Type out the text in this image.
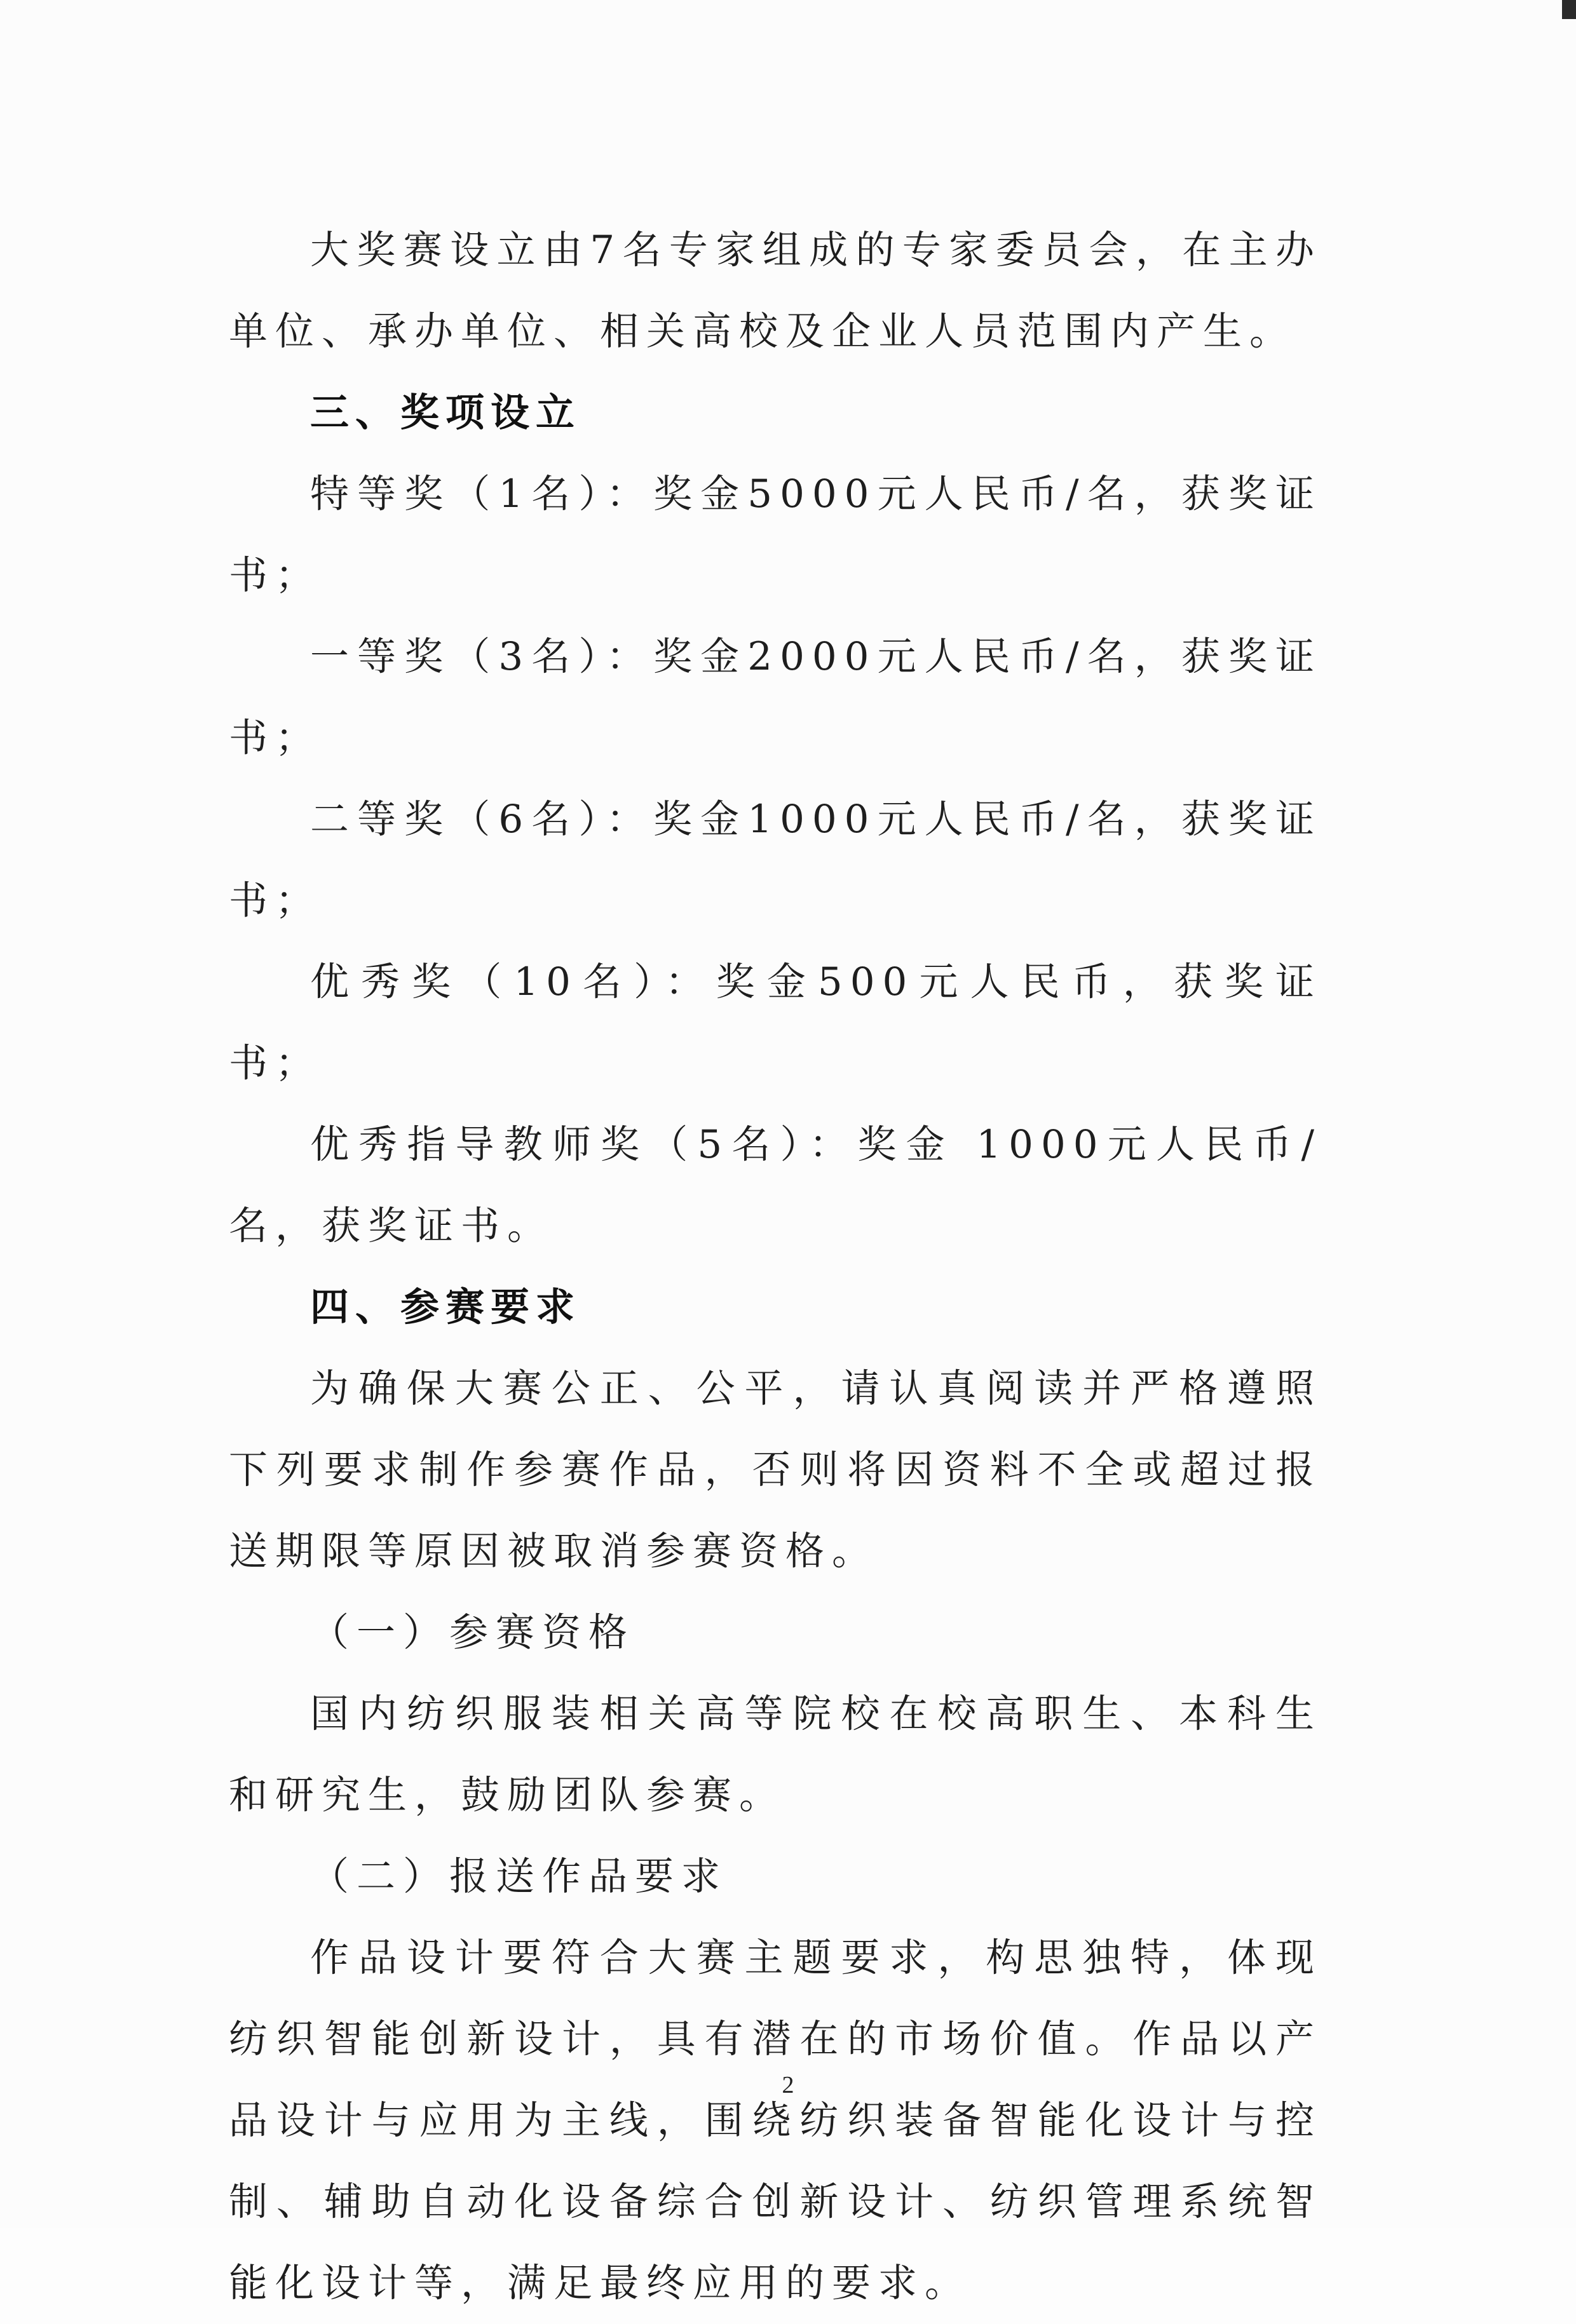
大奖赛设立由7名专家组成的专家委员会，在主办单位、承办单位、相关高校及企业人员范围内产生。

三、奖项设立

特等奖（1名）：奖金5000元人民币/名，获奖证书；

一等奖（3名）：奖金2000元人民币/名，获奖证书；

二等奖（6名）：奖金1000元人民币/名，获奖证书；

优秀奖（10名）：奖金500元人民币，获奖证书；

优秀指导教师奖（5名）：奖金 1000元人民币/名，获奖证书。

四、参赛要求

为确保大赛公正、公平，请认真阅读并严格遵照下列要求制作参赛作品，否则将因资料不全或超过报送期限等原因被取消参赛资格。

（一）参赛资格

国内纺织服装相关高等院校在校高职生、本科生和研究生，鼓励团队参赛。

（二）报送作品要求

作品设计要符合大赛主题要求，构思独特，体现纺织智能创新设计，具有潜在的市场价值。作品以产品设计与应用为主线，围绕纺织装备智能化设计与控制、辅助自动化设备综合创新设计、纺织管理系统智能化设计等，满足最终应用的要求。

2
